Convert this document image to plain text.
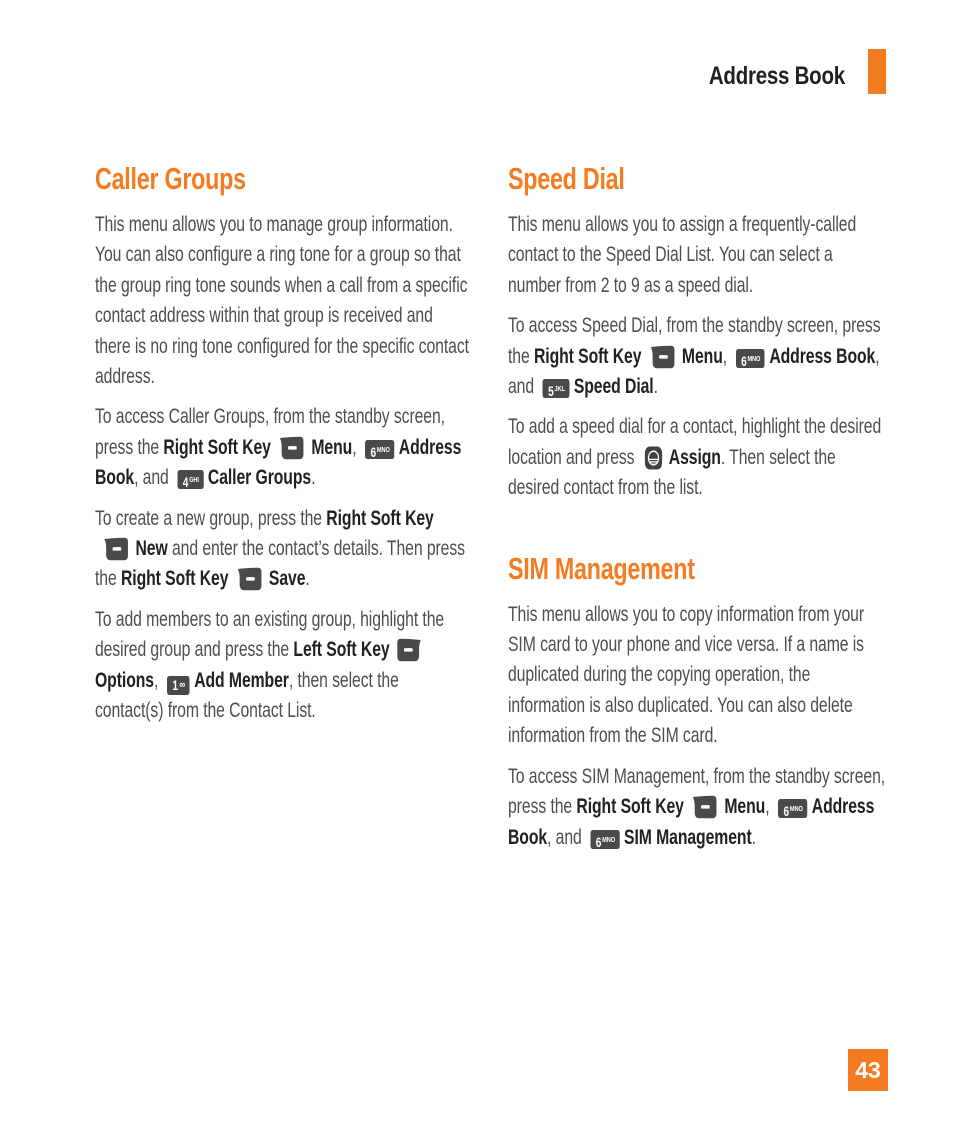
Address Book
Caller Groups

This menu allows you to manage group information. You can also configure a ring tone for a group so that the group ring tone sounds when a call from a specific contact address within that group is received and there is no ring tone configured for the specific contact address.

To access Caller Groups, from the standby screen, press the Right Soft Key Menu, $6^{MNO}$ Address Book, and $4^{GHI}$ Caller Groups.

To create a new group, press the Right Soft KeyNew and enter the contact’s details. Then press the Right Soft Key Save.

To add members to an existing group, highlight the desired group and press the Left Soft KeyOptions, 1 ∞ Add Member, then select the contact(s) from the Contact List.

Speed Dial

This menu allows you to assign a frequently-called contact to the Speed Dial List. You can select a number from 2 to 9 as a speed dial.

To access Speed Dial, from the standby screen, press the Right Soft Key Menu, $6^{MNO}$ Address Book, and $5^{JKL}$ Speed Dial.

To add a speed dial for a contact, highlight the desired location and press Assign. Then select the desired contact from the list.

SIM Management

This menu allows you to copy information from your SIM card to your phone and vice versa. If a name is duplicated during the copying operation, the information is also duplicated. You can also delete information from the SIM card.

To access SIM Management, from the standby screen, press the Right Soft Key Menu, $6^{MNO}$ Address Book, and $6^{MNO}$ SIM Management.

43
